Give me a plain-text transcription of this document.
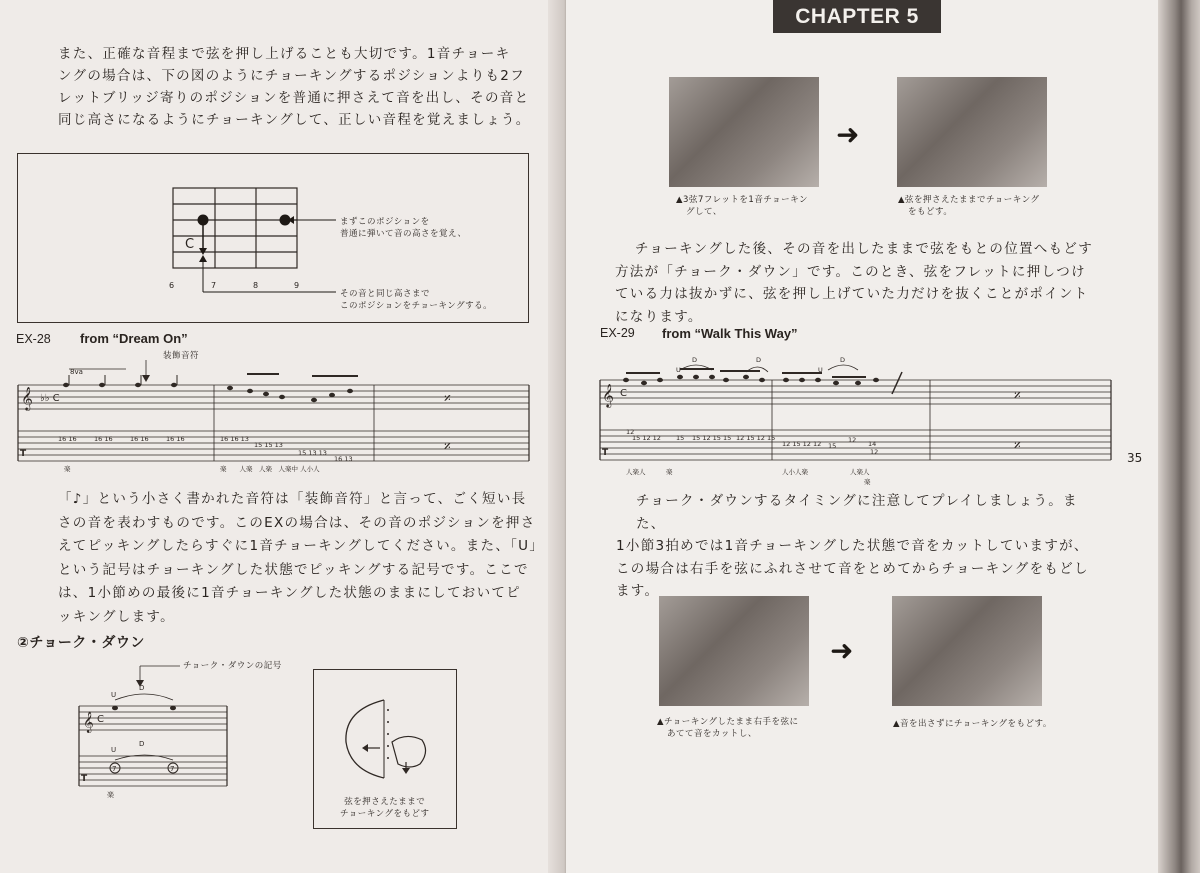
また、正確な音程まで弦を押し上げることも大切です。1音チョーキ
ングの場合は、下の図のようにチョーキングするポジションよりも2フ
レットブリッジ寄りのポジションを普通に押さえて音を出し、その音と
同じ高さになるようにチョーキングして、正しい音程を覚えましょう。
C
6	7	8	9
まずこのポジションを
普通に弾いて音の高さを覚え、
その音と同じ高さまで
このポジションをチョーキングする。
EX-28 from “Dream On”
装飾音符
8va
𝄞 ♭♭ C
T
𝄎
𝄎
16 16	16 16	16 16	16 16	16 16 13
15 15 13
15 13 13
16 13
楽	楽　　人楽　人楽　人楽中 人小人
「♪」という小さく書かれた音符は「装飾音符」と言って、ごく短い長
さの音を表わすものです。このEXの場合は、その音のポジションを押さ
えてピッキングしたらすぐに1音チョーキングしてください。また、「U」
という記号はチョーキングした状態でピッキングする記号です。ここで
は、1小節めの最後に1音チョーキングした状態のままにしておいてピ
ッキングします。
②チョーク・ダウン
チョーク・ダウンの記号
𝄞 C
T
U
D
U
D
7	7
楽
弦を押さえたままで
チョーキングをもどす
CHAPTER 5
➜
▲3弦7フレットを1音チョーキン
グして、
▲弦を押さえたままでチョーキング
をもどす。
チョーキングした後、その音を出したままで弦をもとの位置へもどす
方法が「チョーク・ダウン」です。このとき、弦をフレットに押しつけ
ている力は抜かずに、弦を押し上げていた力だけを抜くことがポイント
になります。
EX-29 from “Walk This Way”
𝄞 C
T
𝄎
𝄎
D	D	D
U	U
12
15 12 12 15 15 12 15 15 12 15 12 15
12 15 12 12 15
12 14
12
人楽人	楽	人小人楽	人楽人
楽
35
チョーク・ダウンするタイミングに注意してプレイしましょう。また、
1小節3拍めでは1音チョーキングした状態で音をカットしていますが、
この場合は右手を弦にふれさせて音をとめてからチョーキングをもどし
ます。
➜
▲チョーキングしたまま右手を弦に
あてて音をカットし、
▲音を出さずにチョーキングをもどす。
